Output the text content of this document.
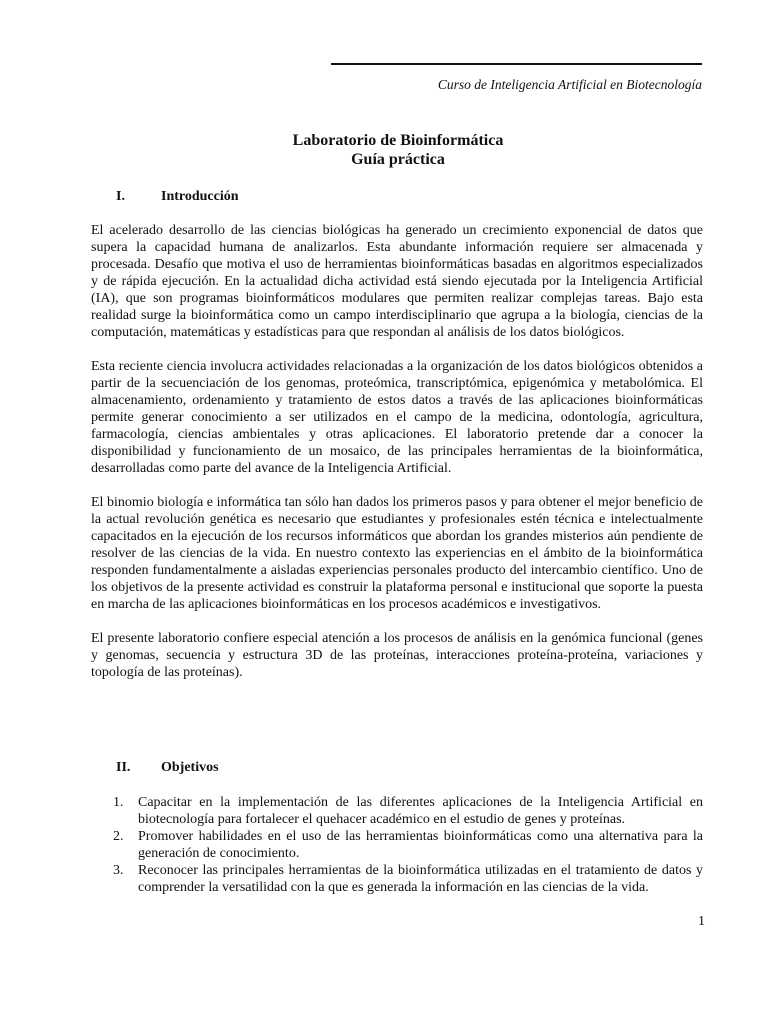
Curso de Inteligencia Artificial en Biotecnología
Laboratorio de Bioinformática
Guía práctica
I.	Introducción

El acelerado desarrollo de las ciencias biológicas ha generado un crecimiento exponencial de datos que supera la capacidad humana de analizarlos. Esta abundante información requiere ser almacenada y procesada. Desafío que motiva el uso de herramientas bioinformáticas basadas en algoritmos especializados y de rápida ejecución. En la actualidad dicha actividad está siendo ejecutada por la Inteligencia Artificial (IA), que son programas bioinformáticos modulares que permiten realizar complejas tareas. Bajo esta realidad surge la bioinformática como un campo interdisciplinario que agrupa a la biología, ciencias de la computación, matemáticas y estadísticas para que respondan al análisis de los datos biológicos.

Esta reciente ciencia involucra actividades relacionadas a la organización de los datos biológicos obtenidos a partir de la secuenciación de los genomas, proteómica, transcriptómica, epigenómica y metabolómica. El almacenamiento, ordenamiento y tratamiento de estos datos a través de las aplicaciones bioinformáticas permite generar conocimiento a ser utilizados en el campo de la medicina, odontología, agricultura, farmacología, ciencias ambientales y otras aplicaciones. El laboratorio pretende dar a conocer la disponibilidad y funcionamiento de un mosaico, de las principales herramientas de la bioinformática, desarrolladas como parte del avance de la Inteligencia Artificial.

El binomio biología e informática tan sólo han dados los primeros pasos y para obtener el mejor beneficio de la actual revolución genética es necesario que estudiantes y profesionales estén técnica e intelectualmente capacitados en la ejecución de los recursos informáticos que abordan los grandes misterios aún pendiente de resolver de las ciencias de la vida. En nuestro contexto las experiencias en el ámbito de la bioinformática responden fundamentalmente a aisladas experiencias personales producto del intercambio científico. Uno de los objetivos de la presente actividad es construir la plataforma personal e institucional que soporte la puesta en marcha de las aplicaciones bioinformáticas en los procesos académicos e investigativos.

El presente laboratorio confiere especial atención a los procesos de análisis en la genómica funcional (genes y genomas, secuencia y estructura 3D de las proteínas, interacciones proteína-proteína, variaciones y topología de las proteínas).

II. Objetivos
1. Capacitar en la implementación de las diferentes aplicaciones de la Inteligencia Artificial en biotecnología para fortalecer el quehacer académico en el estudio de genes y proteínas.
2. Promover habilidades en el uso de las herramientas bioinformáticas como una alternativa para la generación de conocimiento.
3. Reconocer las principales herramientas de la bioinformática utilizadas en el tratamiento de datos y comprender la versatilidad con la que es generada la información en las ciencias de la vida.
1
